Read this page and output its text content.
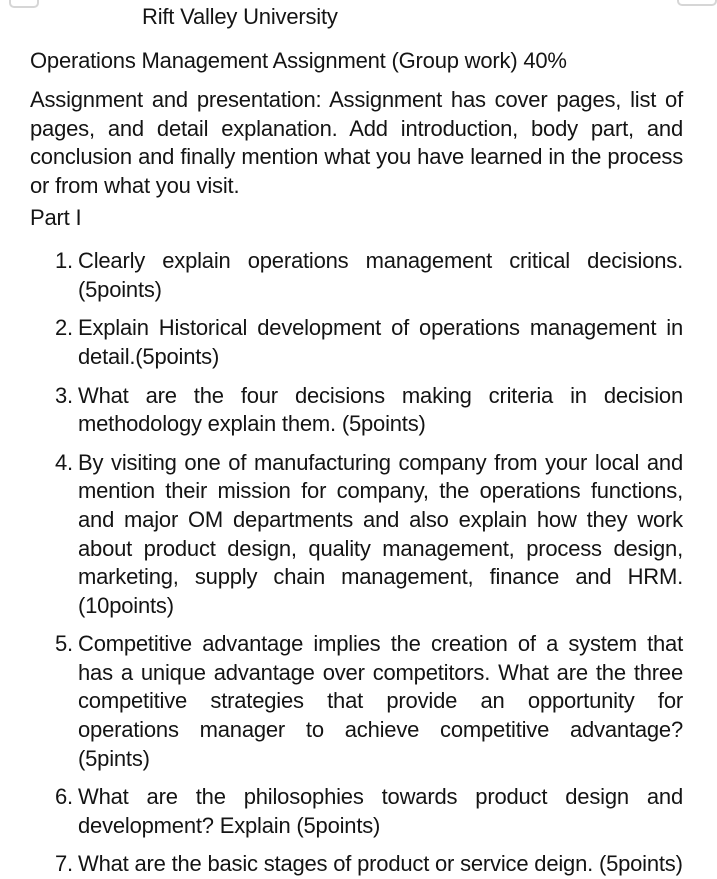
Rift Valley University
Operations Management Assignment (Group work) 40%

Assignment and presentation: Assignment has cover pages, list of pages, and detail explanation. Add introduction, body part, and conclusion and finally mention what you have learned in the process or from what you visit.

Part I
1. Clearly explain operations management critical decisions. (5points)
2. Explain Historical development of operations management in detail.(5points)
3. What are the four decisions making criteria in decision methodology explain them. (5points)
4. By visiting one of manufacturing company from your local and mention their mission for company, the operations functions, and major OM departments and also explain how they work about product design, quality management, process design, marketing, supply chain management, finance and HRM. (10points)
5. Competitive advantage implies the creation of a system that has a unique advantage over competitors. What are the three competitive strategies that provide an opportunity for operations manager to achieve competitive advantage? (5pints)
6. What are the philosophies towards product design and development? Explain (5points)
7. What are the basic stages of product or service deign. (5points)
